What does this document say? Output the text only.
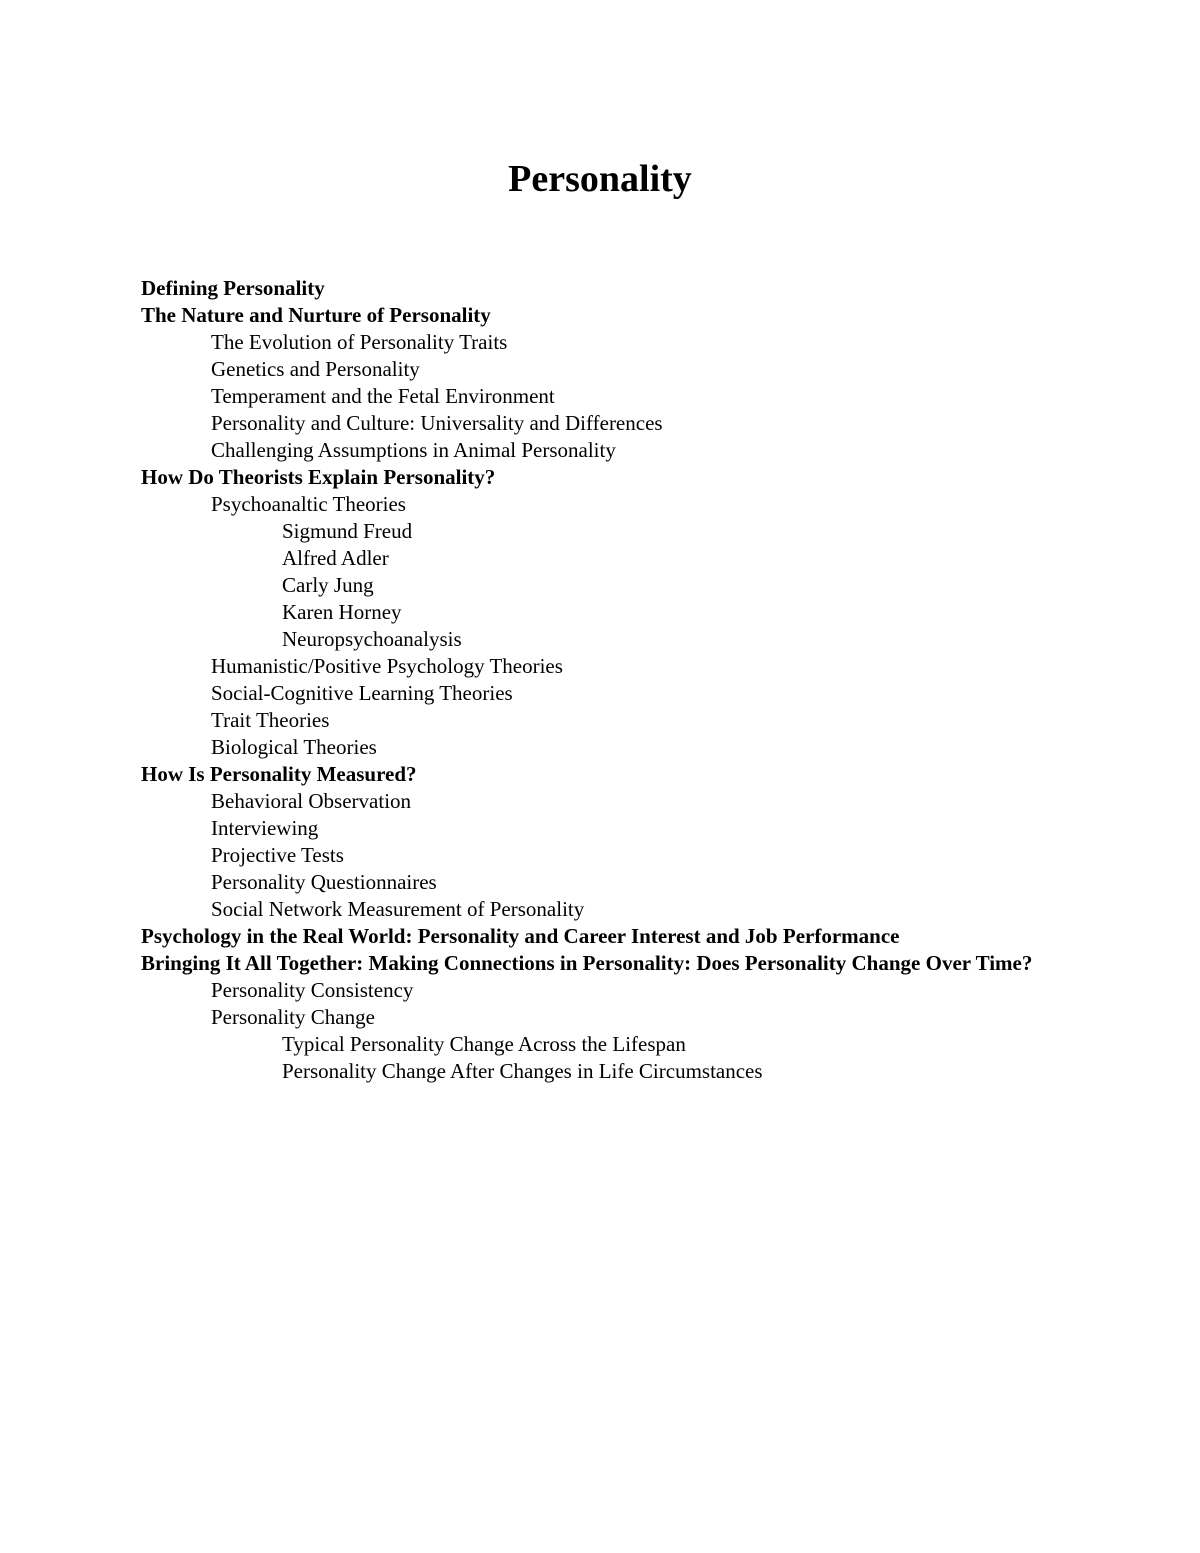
Personality
Defining Personality
The Nature and Nurture of Personality
The Evolution of Personality Traits
Genetics and Personality
Temperament and the Fetal Environment
Personality and Culture: Universality and Differences
Challenging Assumptions in Animal Personality
How Do Theorists Explain Personality?
Psychoanaltic Theories
Sigmund Freud
Alfred Adler
Carly Jung
Karen Horney
Neuropsychoanalysis
Humanistic/Positive Psychology Theories
Social-Cognitive Learning Theories
Trait Theories
Biological Theories
How Is Personality Measured?
Behavioral Observation
Interviewing
Projective Tests
Personality Questionnaires
Social Network Measurement of Personality
Psychology in the Real World: Personality and Career Interest and Job Performance
Bringing It All Together: Making Connections in Personality: Does Personality Change Over Time?
Personality Consistency
Personality Change
Typical Personality Change Across the Lifespan
Personality Change After Changes in Life Circumstances
